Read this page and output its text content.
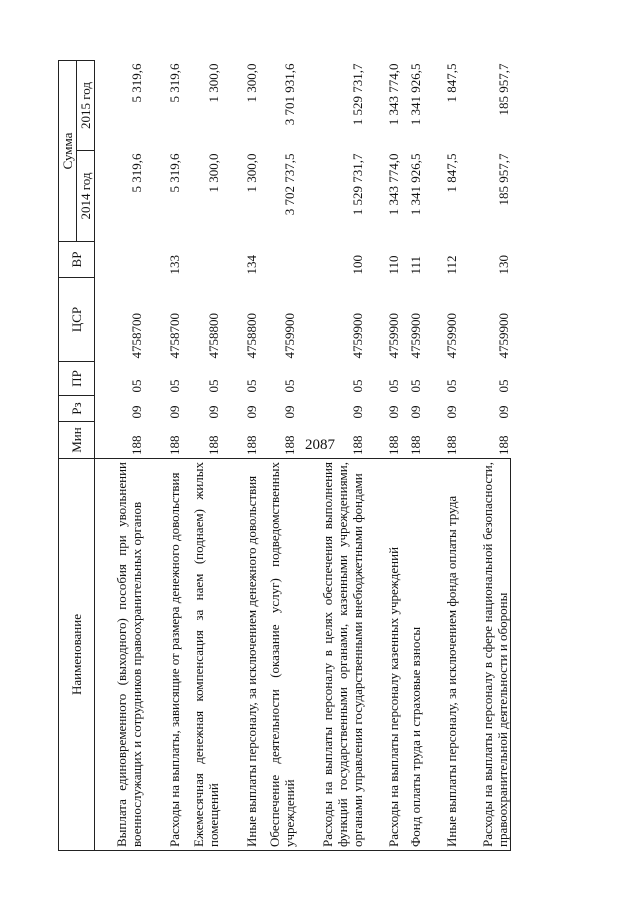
2087
Наименование	Мин	Рз	ПР	ЦСР	ВР	Сумма	
						2014 год	2015 год
Выплата единовременного (выходного) пособия при увольнении военнослужащих и сотрудников правоохранительных органов	188	09	05	4758700		5 319,6	5 319,6
Расходы на выплаты, зависящие от размера денежного довольствия	188	09	05	4758700	133	5 319,6	5 319,6
Ежемесячная денежная компенсация за наем (поднаем) жилых помещений	188	09	05	4758800		1 300,0	1 300,0
Иные выплаты персоналу, за исключением денежного довольствия	188	09	05	4758800	134	1 300,0	1 300,0
Обеспечение деятельности (оказание услуг) подведомственных учреждений	188	09	05	4759900		3 702 737,5	3 701 931,6
Расходы на выплаты персоналу в целях обеспечения выполнения функций государственными органами, казенными учреждениями, органами управления государственными внебюджетными фондами	188	09	05	4759900	100	1 529 731,7	1 529 731,7
Расходы на выплаты персоналу казенных учреждений	188	09	05	4759900	110	1 343 774,0	1 343 774,0
Фонд оплаты труда и страховые взносы	188	09	05	4759900	111	1 341 926,5	1 341 926,5
Иные выплаты персоналу, за исключением фонда оплаты труда	188	09	05	4759900	112	1 847,5	1 847,5
Расходы на выплаты персоналу в сфере национальной безопасности, правоохранительной деятельности и обороны	188	09	05	4759900	130	185 957,7	185 957,7
